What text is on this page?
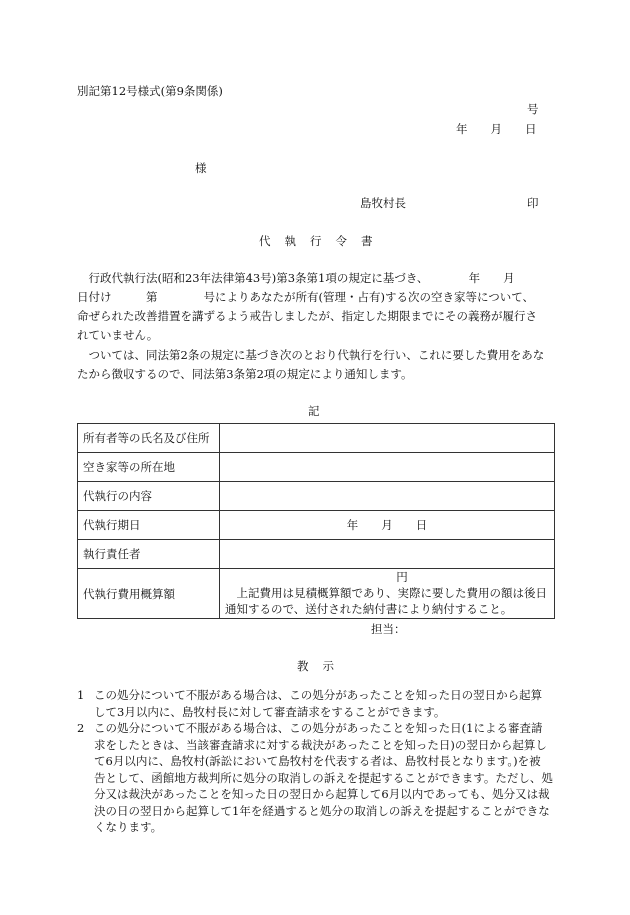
別記第12号様式(第9条関係)
号
年　　月　　日
様
島牧村長	印
代執行令書
　行政代執行法(昭和23年法律第43号)第3条第1項の規定に基づき、　　　　年　　月
日付け　　　第　　　　号によりあなたが所有(管理・占有)する次の空き家等について、
命ぜられた改善措置を講ずるよう戒告しましたが、指定した期限までにその義務が履行さ
れていません。
　ついては、同法第2条の規定に基づき次のとおり代執行を行い、これに要した費用をあな
たから徴収するので、同法第3条第2項の規定により通知します。
記
所有者等の氏名及び住所	
空き家等の所在地	
代執行の内容	
代執行期日	年　　月　　日
執行責任者	
代執行費用概算額	円
上記費用は見積概算額であり、実際に要した費用の額は後日通知するので、送付された納付書により納付すること。
担当：
教示
1 この処分について不服がある場合は、この処分があったことを知った日の翌日から起算
して3月以内に、島牧村長に対して審査請求をすることができます。
2 この処分について不服がある場合は、この処分があったことを知った日(1による審査請
求をしたときは、当該審査請求に対する裁決があったことを知った日)の翌日から起算し
て6月以内に、島牧村(訴訟において島牧村を代表する者は、島牧村長となります。)を被
告として、函館地方裁判所に処分の取消しの訴えを提起することができます。ただし、処
分又は裁決があったことを知った日の翌日から起算して6月以内であっても、処分又は裁
決の日の翌日から起算して1年を経過すると処分の取消しの訴えを提起することができな
くなります。
